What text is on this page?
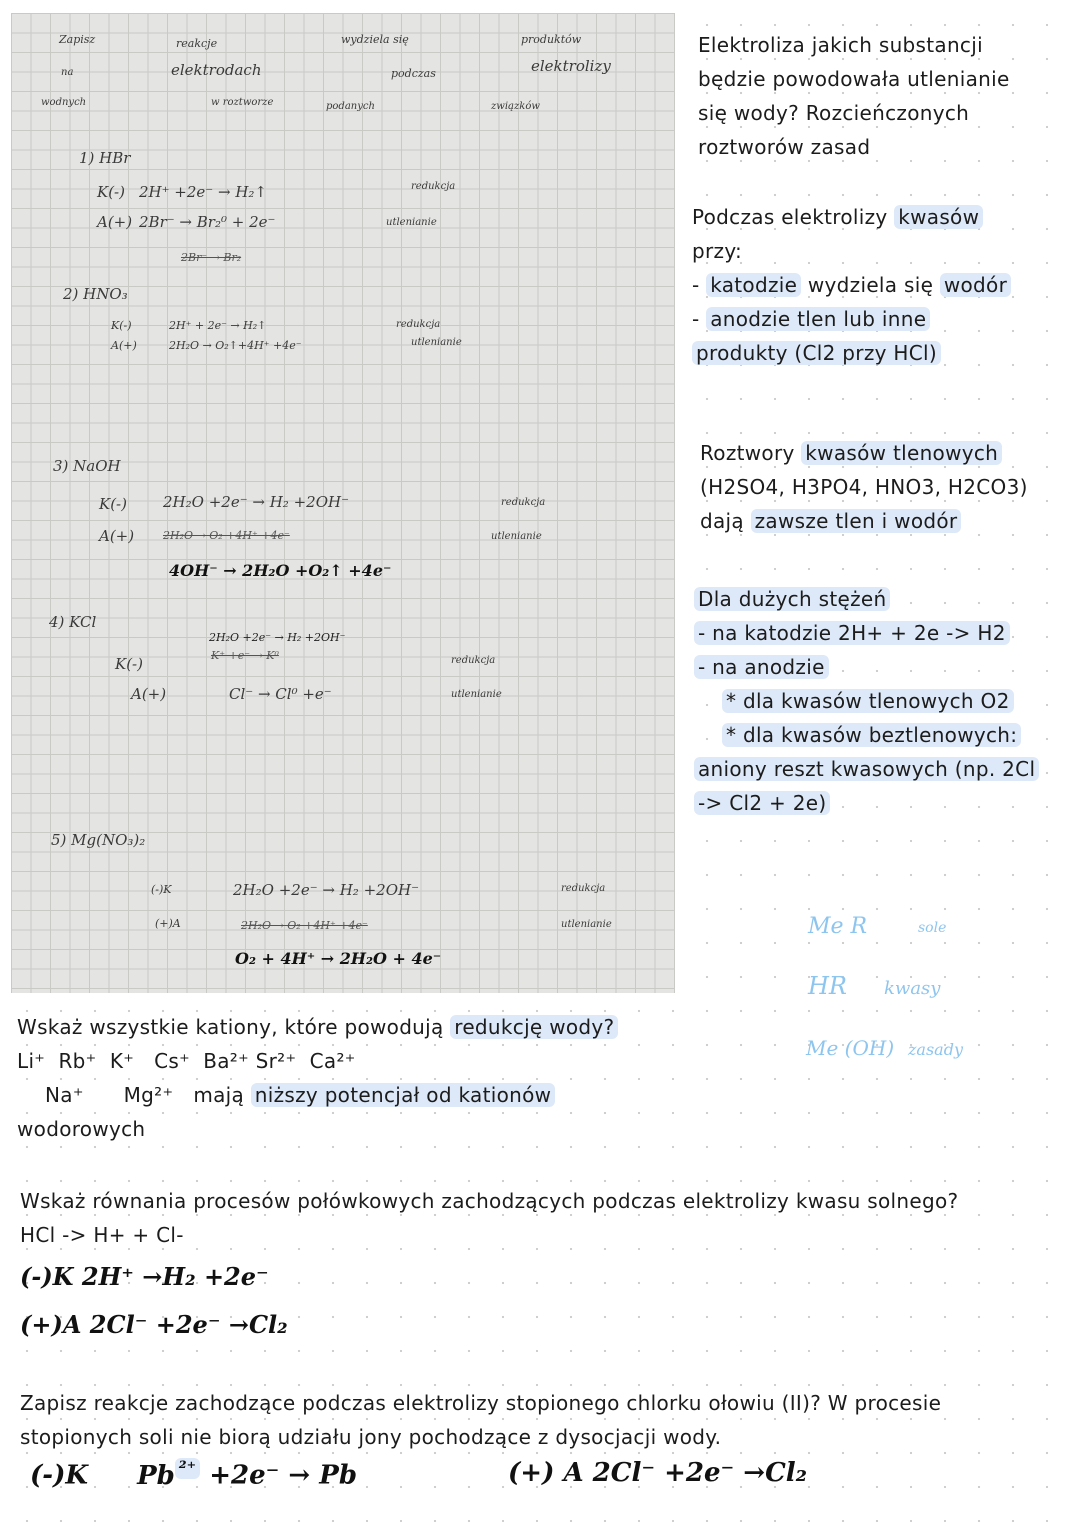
Zapisz
na
wodnych
reakcje
elektrodach
w roztworze
wydziela się
podczas
podanych
produktów
elektrolizy
związków
1) HBr
K(-) 2H⁺ +2e⁻ → H₂↑	redukcja
A(+) 2Br⁻ → Br₂⁰ + 2e⁻	utlenianie
2Br⁻ → Br₂
2) HNO₃
K(-)	2H⁺ + 2e⁻ → H₂↑	redukcja
A(+)	2H₂O → O₂↑+4H⁺ +4e⁻	utlenianie
3) NaOH
K(-) 2H₂O +2e⁻ → H₂ +2OH⁻	redukcja
A(+)	2H₂O → O₂ +4H⁺ +4e⁻	utlenianie
4OH⁻ → 2H₂O +O₂↑ +4e⁻
4) KCl
2H₂O +2e⁻ → H₂ +2OH⁻
K⁺ +e⁻ → K⁰
K(-)	redukcja
A(+)	Cl⁻ → Cl⁰ +e⁻	utlenianie
5) Mg(NO₃)₂
(-)K	2H₂O +2e⁻ → H₂ +2OH⁻	redukcja
(+)A	2H₂O → O₂ +4H⁺ +4e⁻	utlenianie
O₂ + 4H⁺ → 2H₂O + 4e⁻
Elektroliza jakich substancji będzie powodowała utlenianie się wody? Rozcieńczonych roztworów zasad
Podczas elektrolizy kwasów
przy:
- katodzie wydziela się wodór
- anodzie tlen lub inne
produkty (Cl2 przy HCl)
Roztwory kwasów tlenowych
(H2SO4, H3PO4, HNO3, H2CO3)
dają zawsze tlen i wodór
Dla dużych stężeń
- na katodzie 2H+ + 2e -> H2
- na anodzie
* dla kwasów tlenowych O2
* dla kwasów beztlenowych:
aniony reszt kwasowych (np. 2Cl
-> Cl2 + 2e)
Me R	sole
HR kwasy
Me (OH) zasady
Wskaż wszystkie kationy, które powodują redukcję wody?
Li⁺  Rb⁺  K⁺   Cs⁺  Ba²⁺ Sr²⁺  Ca²⁺
Na⁺      Mg²⁺ mają niższy potencjał od kationów
wodorowych
Wskaż równania procesów połówkowych zachodzących podczas elektrolizy kwasu solnego?
HCl -> H+ + Cl-
(-)K 2H⁺ →H₂ +2e⁻
(+)A 2Cl⁻ +2e⁻ →Cl₂
Zapisz reakcje zachodzące podczas elektrolizy stopionego chlorku ołowiu (II)? W procesie stopionych soli nie biorą udziału jony pochodzące z dysocjacji wody.
(-)K Pb $^{^{2+}}$ +2e⁻ → Pb	(+) A 2Cl⁻ +2e⁻ →Cl₂
